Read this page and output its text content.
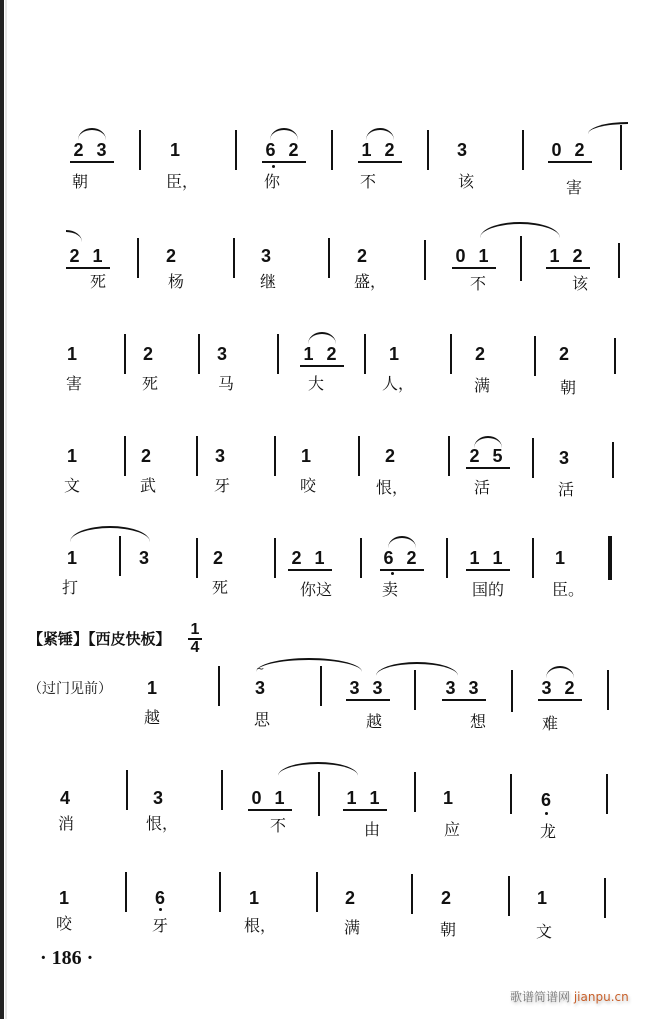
2 3
朝
1
臣，
6 2
你
1 2
不
3
该
0 2
害
2 1
死
2
杨
3
继
2
盛，
0 1
不
1 2
该
1
害
2
死
3
马
1 2
大
1
人，
2
满
2
朝
1
文
2
武
3
牙
1
咬
2
恨，
2 5
活
3
活
1
打
3	2
死
2 1
你这
6 2
卖
1 1
国的
1
臣。
【紧锤】【西皮快板】 $\frac{1}{4}$
（过门见前）	1
越
~
3
思
3 3
越
3 3
想
3 2
难
4
消
3
恨，
0 1
不
1 1
由
1
应
6
龙
1
咬
6
牙
1
根，
2
满
2
朝
1
文
· 186 ·
歌谱简谱网 jianpu.cn
